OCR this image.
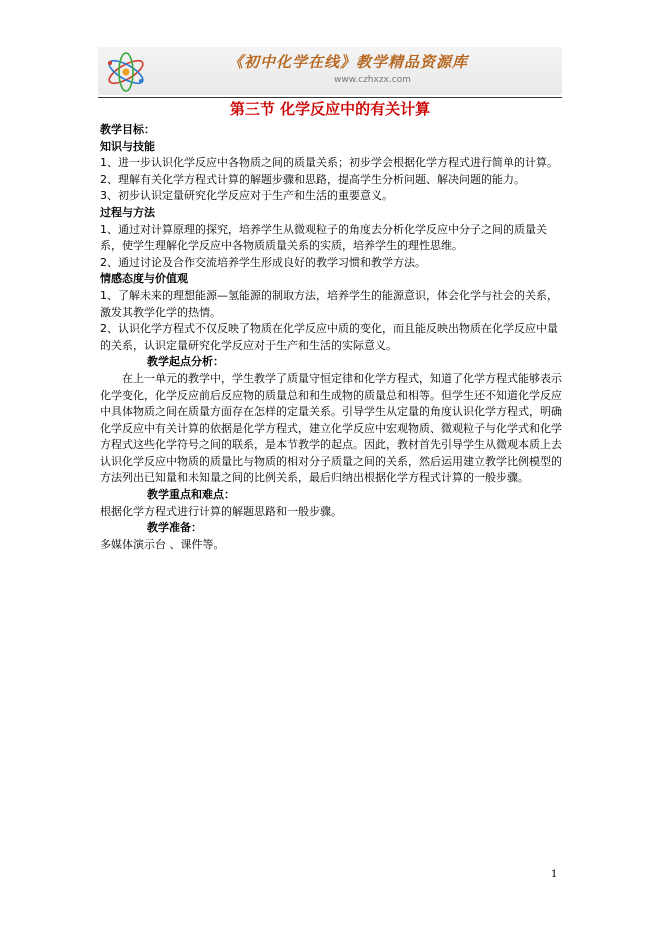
《初中化学在线》教学精品资源库
www.czhxzx.com
第三节 化学反应中的有关计算

教学目标：

知识与技能

1、进一步认识化学反应中各物质之间的质量关系；初步学会根据化学方程式进行简单的计算。

2、理解有关化学方程式计算的解题步骤和思路，提高学生分析问题、解决问题的能力。

3、初步认识定量研究化学反应对于生产和生活的重要意义。

过程与方法

1、通过对计算原理的探究，培养学生从微观粒子的角度去分析化学反应中分子之间的质量关系，使学生理解化学反应中各物质质量关系的实质，培养学生的理性思维。

2、通过讨论及合作交流培养学生形成良好的教学习惯和教学方法。

情感态度与价值观

1、了解未来的理想能源—氢能源的制取方法，培养学生的能源意识，体会化学与社会的关系，激发其教学化学的热情。

2、认识化学方程式不仅反映了物质在化学反应中质的变化，而且能反映出物质在化学反应中量的关系，认识定量研究化学反应对于生产和生活的实际意义。

教学起点分析：

在上一单元的教学中，学生教学了质量守恒定律和化学方程式，知道了化学方程式能够表示化学变化，化学反应前后反应物的质量总和和生成物的质量总和相等。但学生还不知道化学反应中具体物质之间在质量方面存在怎样的定量关系。引导学生从定量的角度认识化学方程式，明确化学反应中有关计算的依据是化学方程式，建立化学反应中宏观物质、微观粒子与化学式和化学方程式这些化学符号之间的联系，是本节教学的起点。因此，教材首先引导学生从微观本质上去认识化学反应中物质的质量比与物质的相对分子质量之间的关系，然后运用建立教学比例模型的方法列出已知量和未知量之间的比例关系，最后归纳出根据化学方程式计算的一般步骤。

教学重点和难点：

根据化学方程式进行计算的解题思路和一般步骤。

教学准备：

多媒体演示台 、课件等。

1
